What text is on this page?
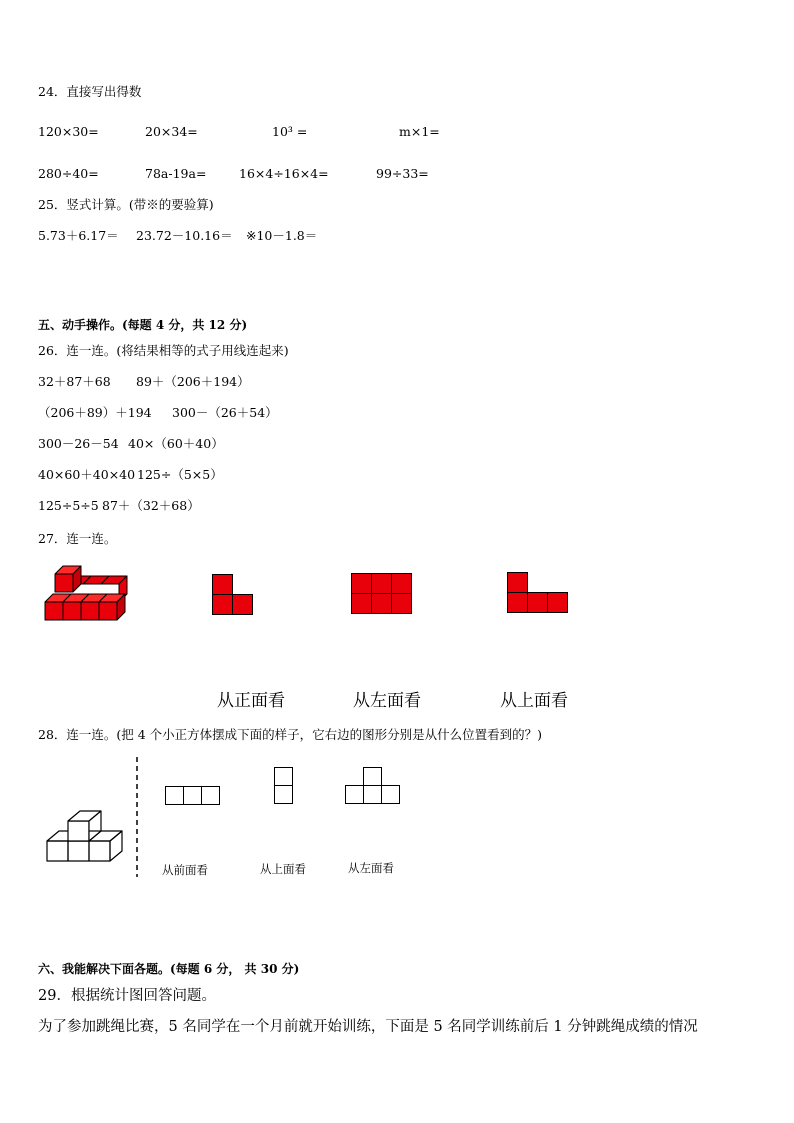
24．直接写出得数
120×30=	20×34=	10³ =	m×1=
280÷40=	78a-19a=	16×4÷16×4=	99÷33=
25．竖式计算。(带※的要验算)
5.73＋6.17＝ 23.72－10.16＝ ※10－1.8＝
五、动手操作。(每题 4 分，共 12 分)
26．连一连。(将结果相等的式子用线连起来)
32＋87＋68 89＋（206＋194）
（206＋89）＋194 300－（26＋54）
300－26－54 40×（60＋40）
40×60＋40×40 125÷（5×5）
125÷5÷5 87＋（32＋68）
27．连一连。
从正面看	从左面看	从上面看
28．连一连。(把 4 个小正方体摆成下面的样子，它右边的图形分别是从什么位置看到的？)
从前面看	从上面看	从左面看
六、我能解决下面各题。(每题 6 分， 共 30 分)
29．根据统计图回答问题。
为了参加跳绳比赛，5 名同学在一个月前就开始训练，下面是 5 名同学训练前后 1 分钟跳绳成绩的情况
